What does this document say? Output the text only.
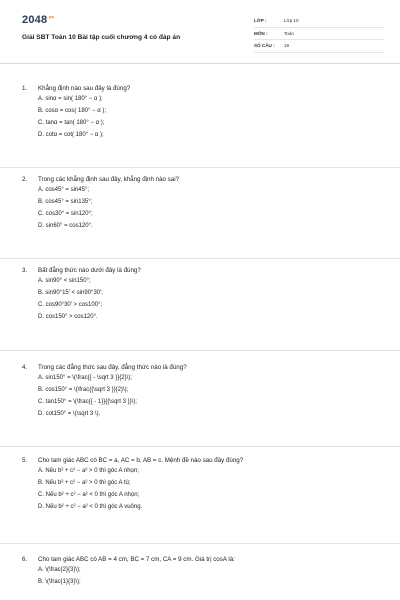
$2048^{.vn}$
Giải SBT Toán 10 Bài tập cuối chương 4 có đáp án
LỚP :	Lớp 10
MÔN :	Toán
SỐ CÂU :	18
1.	Khẳng định nào sau đây là đúng?
A. sinα = sin( 180° − α );
B. cosα = cos( 180° − α );
C. tanα = tan( 180° − α );
D. cotα = cot( 180° − α );
2.	Trong các khẳng định sau đây, khẳng định nào sai?
A. cos45° = sin45°;
B. cos45° = sin135°;
C. cos30° = sin120°;
D. sin60° = cos120°.
3.	Bất đẳng thức nào dưới đây là đúng?
A. sin90° < sin150°;
B. sin90°15′ < sin90°30′;
C. cos90°30′ > cos100°;
D. cos150° > cos120°.
4.	Trong các đẳng thức sau đây, đẳng thức nào là đúng?
A. sin150° = \(\frac{{ - \sqrt 3 }}{2}\);
B. cos150° = \(\frac{{\sqrt 3 }}{2}\);
C. tan150° = \(\frac{{ - 1}}{{\sqrt 3 }}\);
D. cot150° = \(\sqrt 3 \).
5.	Cho tam giác ABC có BC = a, AC = b, AB = c. Mệnh đề nào sau đây đúng?
A. Nếu b² + c² − a² > 0 thì góc A nhọn;
B. Nếu b² + c² − a² > 0 thì góc A tù;
C. Nếu b² + c² − a² < 0 thì góc A nhọn;
D. Nếu b² + c² − a² < 0 thì góc A vuông.
6.	Cho tam giác ABC có AB = 4 cm, BC = 7 cm, CA = 9 cm. Giá trị cosA là:
A. \(\frac{2}{3}\);
B. \(\frac{1}{3}\);
